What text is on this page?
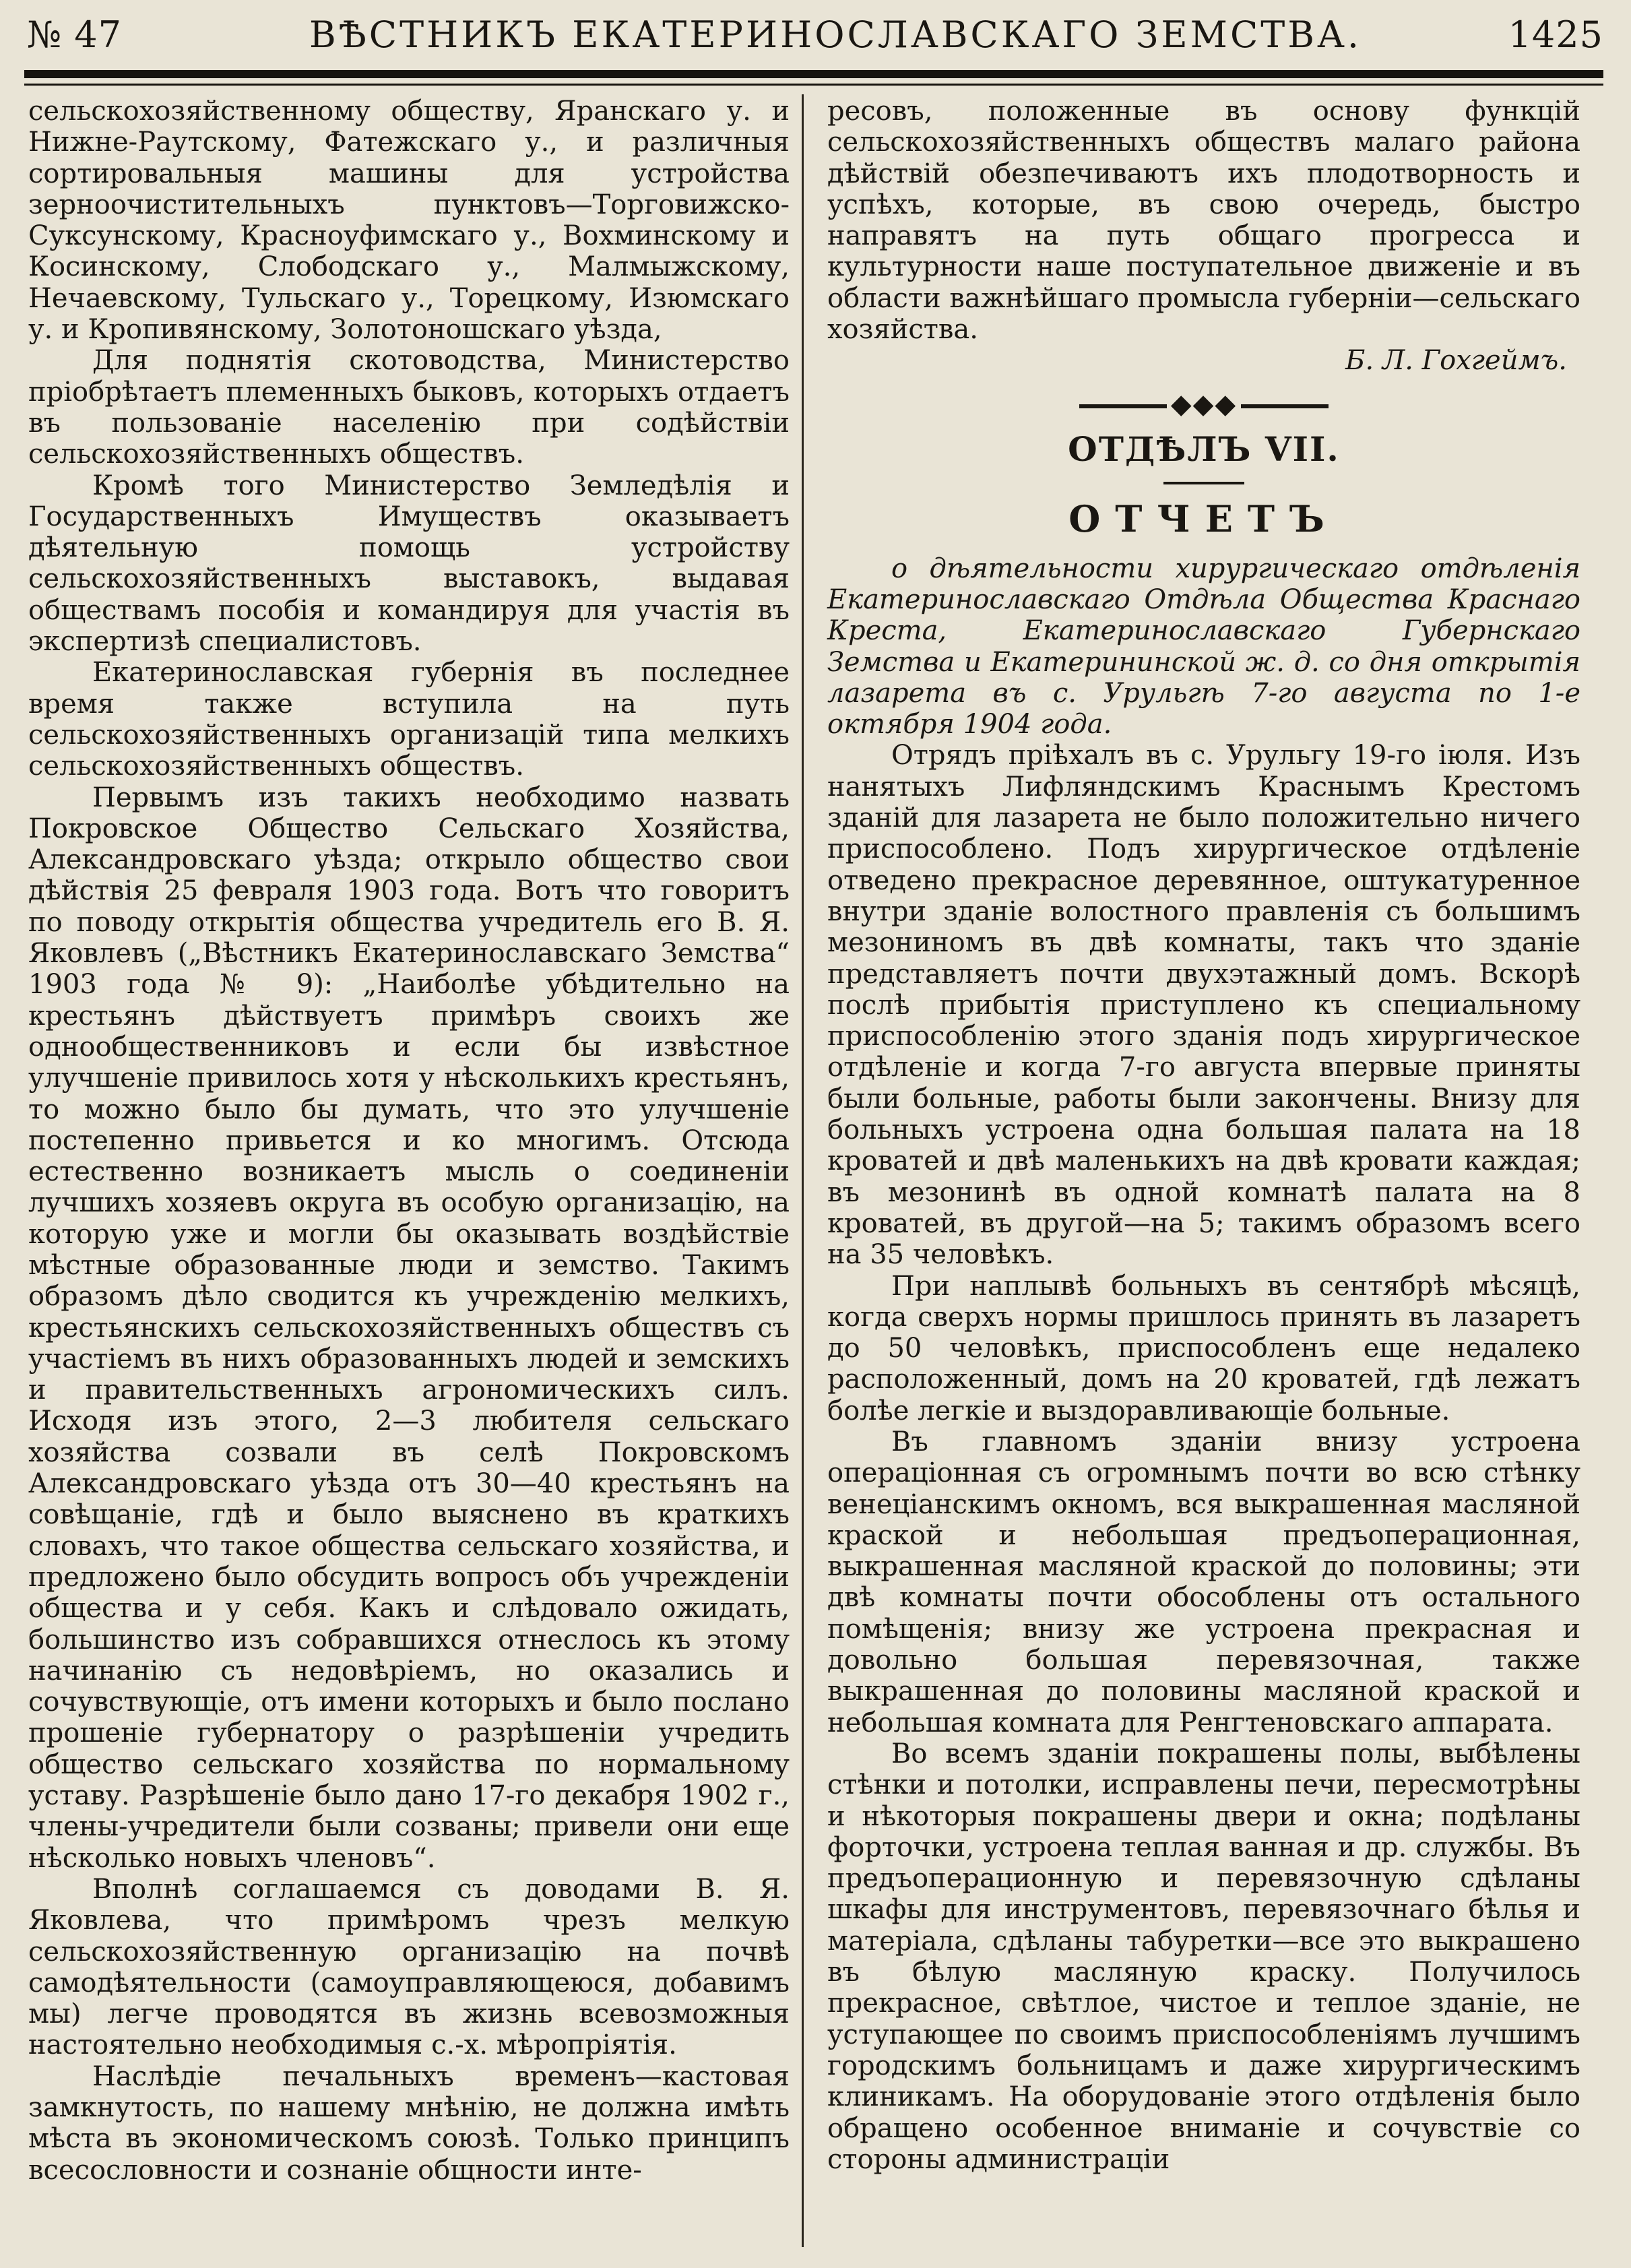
№ 47	ВѢСТНИКЪ ЕКАТЕРИНОСЛАВСКАГО ЗЕМСТВА.	1425

сельскохозяйственному обществу, Яранскаго у. и Нижне-Раутскому, Фатежскаго у., и различныя сортировальныя машины для устройства зерноочистительныхъ пунктовъ—Торговижско-Суксунскому, Красноуфимскаго у., Вохминскому и Косинскому, Слободскаго у., Малмыжскому, Нечаевскому, Тульскаго у., Торецкому, Изюмскаго у. и Кропивянскому, Золотоношскаго уѣзда,

Для поднятія скотоводства, Министерство пріобрѣтаетъ племенныхъ быковъ, которыхъ отдаетъ въ пользованіе населенію при содѣйствіи сельскохозяйственныхъ обществъ.

Кромѣ того Министерство Земледѣлія и Государственныхъ Имуществъ оказываетъ дѣятельную помощь устройству сельскохозяйственныхъ выставокъ, выдавая обществамъ пособія и командируя для участія въ экспертизѣ специалистовъ.

Екатеринославская губернія въ последнее время также вступила на путь сельскохозяйственныхъ организацій типа мелкихъ сельскохозяйственныхъ обществъ.

Первымъ изъ такихъ необходимо назвать Покровское Общество Сельскаго Хозяйства, Александровскаго уѣзда; открыло общество свои дѣйствія 25 февраля 1903 года. Вотъ что говоритъ по поводу открытія общества учредитель его В. Я. Яковлевъ („Вѣстникъ Екатеринославскаго Земства“ 1903 года № 9): „Наиболѣе убѣдительно на крестьянъ дѣйствуетъ примѣръ своихъ же однообщественниковъ и если бы извѣстное улучшеніе привилось хотя у нѣсколькихъ крестьянъ, то можно было бы думать, что это улучшеніе постепенно привьется и ко многимъ. Отсюда естественно возникаетъ мысль о соединеніи лучшихъ хозяевъ округа въ особую организацію, на которую уже и могли бы оказывать воздѣйствіе мѣстные образованные люди и земство. Такимъ образомъ дѣло сводится къ учрежденію мелкихъ, крестьянскихъ сельскохозяйственныхъ обществъ съ участіемъ въ нихъ образованныхъ людей и земскихъ и правительственныхъ агрономическихъ силъ. Исходя изъ этого, 2—3 любителя сельскагo хозяйства созвали въ селѣ Покровскомъ Александровскаго уѣзда отъ 30—40 крестьянъ на совѣщаніе, гдѣ и было выяснено въ краткихъ словахъ, что такое общества сельскаго хозяйства, и предложено было обсудить вопросъ объ учрежденіи общества и у себя. Какъ и слѣдовало ожидать, большинство изъ собравшихся отнеслось къ этому начинанію съ недовѣріемъ, но оказались и сочувствующіе, отъ имени которыхъ и было послано прошеніе губернатору о разрѣшеніи учредить общество сельскаго хозяйства по нормальному уставу. Разрѣшеніе было дано 17-го декабря 1902 г., члены-учредители были созваны; привели они еще нѣсколько новыхъ членовъ“.

Вполнѣ соглашаемся съ доводами В. Я. Яковлева, что примѣромъ чрезъ мелкую сельскохозяйственную организацію на почвѣ самодѣятельности (самоуправляющеюся, добавимъ мы) легче проводятся въ жизнь всевозможныя настоятельно необходимыя с.-х. мѣропріятія.

Наслѣдіе печальныхъ временъ—кастовая замкнутость, по нашему мнѣнію, не должна имѣть мѣста въ экономическомъ союзѣ. Только принципъ всесословности и сознаніе общности инте-

ресовъ, положенные въ основу функцій сельскохозяйственныхъ обществъ малаго района дѣйствій обезпечиваютъ ихъ плодотворность и успѣхъ, которые, въ свою очередь, быстро направятъ на путь общаго прогресса и культурности наше поступательное движеніе и въ области важнѣйшаго промысла губерніи—сельскаго хозяйства.

Б. Л. Гохгеймъ.

◆◆◆
ОТДѢЛЪ VII.
ОТЧЕТЪ

о дѣятельности хирургическаго отдѣленія Екатеринославскаго Отдѣла Общества Краснаго Креста, Екатеринославскаго Губернскаго Земства и Екатерининской ж. д. со дня открытія лазарета въ с. Урульгѣ 7-го августа по 1-е октября 1904 года.

Отрядъ пріѣхалъ въ с. Урульгу 19-го іюля. Изъ нанятыхъ Лифляндскимъ Краснымъ Крестомъ зданій для лазарета не было положительно ничего приспособлено. Подъ хирургическое отдѣленіе отведено прекрасное деревянное, оштукатуренное внутри зданіе волостного правленія съ большимъ мезониномъ въ двѣ комнаты, такъ что зданіе представляетъ почти двухэтажный домъ. Вскорѣ послѣ прибытія приступлено къ специальному приспособленію этого зданія подъ хирургическое отдѣленіе и когда 7-го августа впервые приняты были больные, работы были закончены. Внизу для больныхъ устроена одна большая палата на 18 кроватей и двѣ маленькихъ на двѣ кровати каждая; въ мезонинѣ въ одной комнатѣ палата на 8 кроватей, въ другой—на 5; такимъ образомъ всего на 35 человѣкъ.

При наплывѣ больныхъ въ сентябрѣ мѣсяцѣ, когда сверхъ нормы пришлось принять въ лазаретъ до 50 человѣкъ, приспособленъ еще недалеко расположенный, домъ на 20 кроватей, гдѣ лежатъ болѣе легкіе и выздоравливающіе больные.

Въ главномъ зданіи внизу устроена операціонная съ огромнымъ почти во всю стѣнку венеціанскимъ окномъ, вся выкрашенная масляной краской и небольшая предъоперационная, выкрашенная масляной краской до половины; эти двѣ комнаты почти обособлены отъ остального помѣщенія; внизу же устроена прекрасная и довольно большая перевязочная, также выкрашенная до половины масляной краской и небольшая комната для Ренгтеновскаго аппарата.

Во всемъ зданіи покрашены полы, выбѣлены стѣнки и потолки, исправлены печи, пересмотрѣны и нѣкоторыя покрашены двери и окна; подѣланы форточки, устроена теплая ванная и др. службы. Въ предъоперационную и перевязочную сдѣланы шкафы для инструментовъ, перевязочнаго бѣлья и матеріала, сдѣланы табуретки—все это выкрашено въ бѣлую масляную краску. Получилось прекрасное, свѣтлое, чистое и теплое зданіе, не уступающее по своимъ приспособленіямъ лучшимъ городскимъ больницамъ и даже хирургическимъ клиникамъ. На оборудованіе этого отдѣленія было обращено особенное вниманіе и сочувствіе со стороны администраціи
